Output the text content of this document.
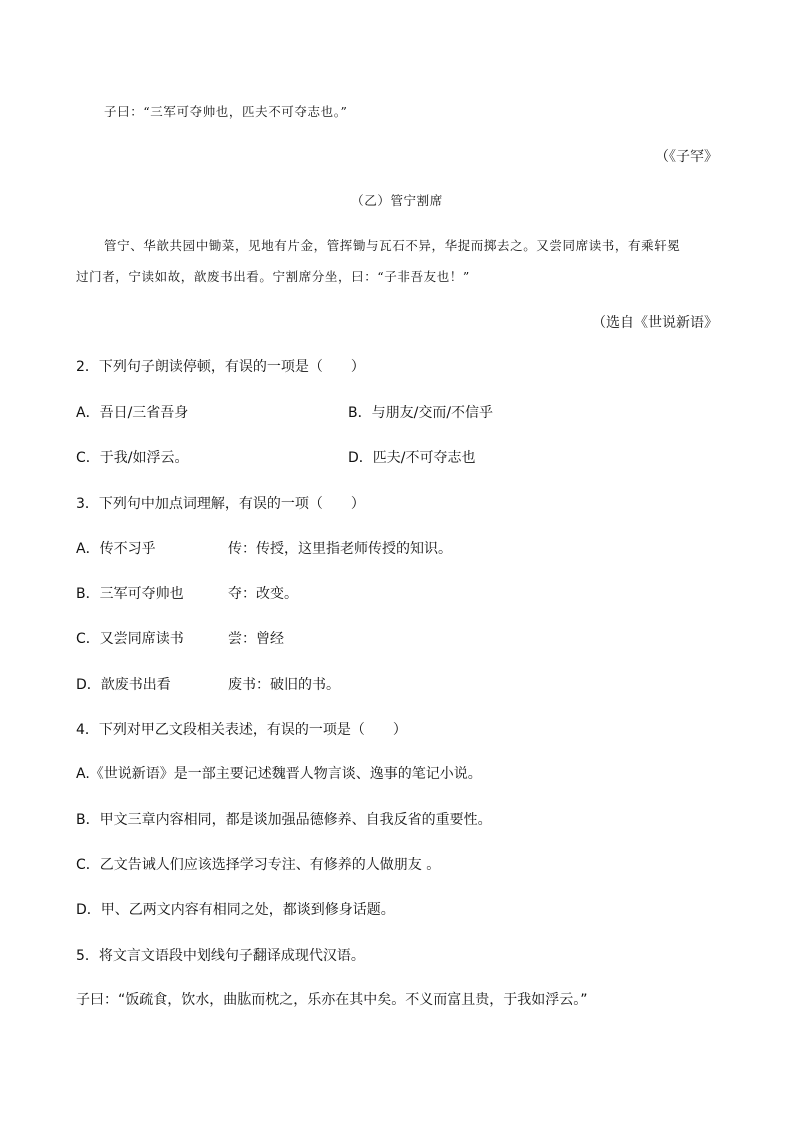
子曰：“三军可夺帅也，匹夫不可夺志也。”
（《子罕》
（乙）管宁割席
管宁、华歆共园中锄菜，见地有片金，管挥锄与瓦石不异，华捉而掷去之。又尝同席读书，有乘轩冕
过门者，宁读如故，歆废书出看。宁割席分坐，曰：“子非吾友也！”
（选自《世说新语》
2．下列句子朗读停顿，有误的一项是（　　）
A．吾日/三省吾身	B．与朋友/交而/不信乎
C．于我/如浮云。	D．匹夫/不可夺志也
3．下列句中加点词理解，有误的一项（　　）
A．传不习乎	传：传授，这里指老师传授的知识。
B．三军可夺帅也	夺：改变。
C．又尝同席读书	尝：曾经
D．歆废书出看	废书：破旧的书。
4．下列对甲乙文段相关表述，有误的一项是（　　）
A.《世说新语》是一部主要记述魏晋人物言谈、逸事的笔记小说。
B．甲文三章内容相同，都是谈加强品德修养、自我反省的重要性。
C．乙文告诫人们应该选择学习专注、有修养的人做朋友 。
D．甲、乙两文内容有相同之处，都谈到修身话题。
5．将文言文语段中划线句子翻译成现代汉语。
子曰：“饭疏食，饮水，曲肱而枕之，乐亦在其中矣。不义而富且贵，于我如浮云。”
